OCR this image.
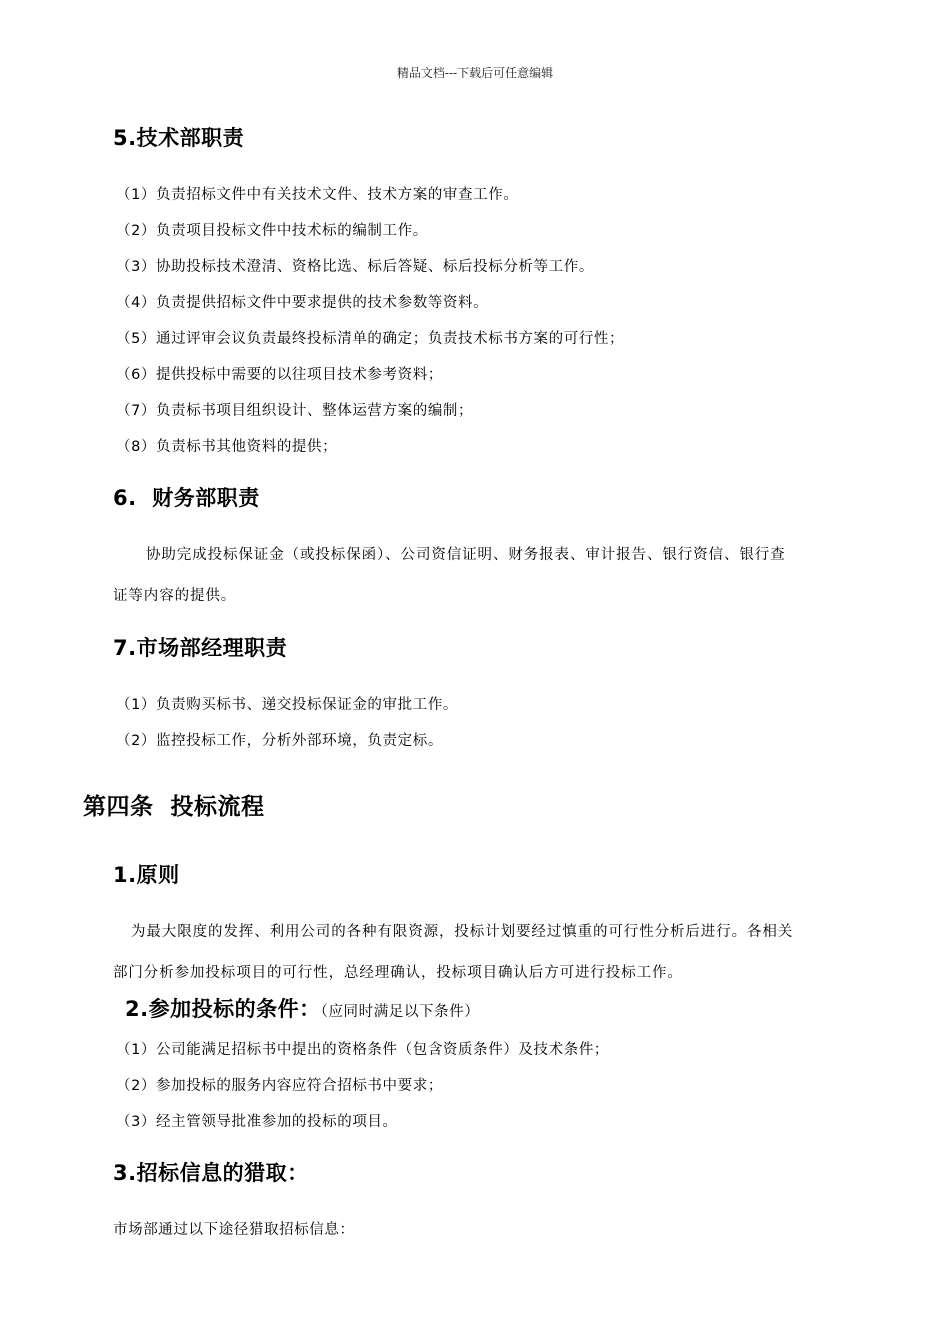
精品文档---下载后可任意编辑
5.技术部职责
（1）负责招标文件中有关技术文件、技术方案的审查工作。
（2）负责项目投标文件中技术标的编制工作。
（3）协助投标技术澄清、资格比选、标后答疑、标后投标分析等工作。
（4）负责提供招标文件中要求提供的技术参数等资料。
（5）通过评审会议负责最终投标清单的确定；负责技术标书方案的可行性；
（6）提供投标中需要的以往项目技术参考资料；
（7）负责标书项目组织设计、整体运营方案的编制；
（8）负责标书其他资料的提供；
6.  财务部职责
协助完成投标保证金（或投标保函）、公司资信证明、财务报表、审计报告、银行资信、银行查
证等内容的提供。
7.市场部经理职责
（1）负责购买标书、递交投标保证金的审批工作。
（2）监控投标工作，分析外部环境，负责定标。
第四条  投标流程
1.原则
为最大限度的发挥、利用公司的各种有限资源，投标计划要经过慎重的可行性分析后进行。各相关
部门分析参加投标项目的可行性，总经理确认，投标项目确认后方可进行投标工作。
2.参加投标的条件：（应同时满足以下条件）
（1）公司能满足招标书中提出的资格条件（包含资质条件）及技术条件；
（2）参加投标的服务内容应符合招标书中要求；
（3）经主管领导批准参加的投标的项目。
3.招标信息的猎取：
市场部通过以下途径猎取招标信息：
